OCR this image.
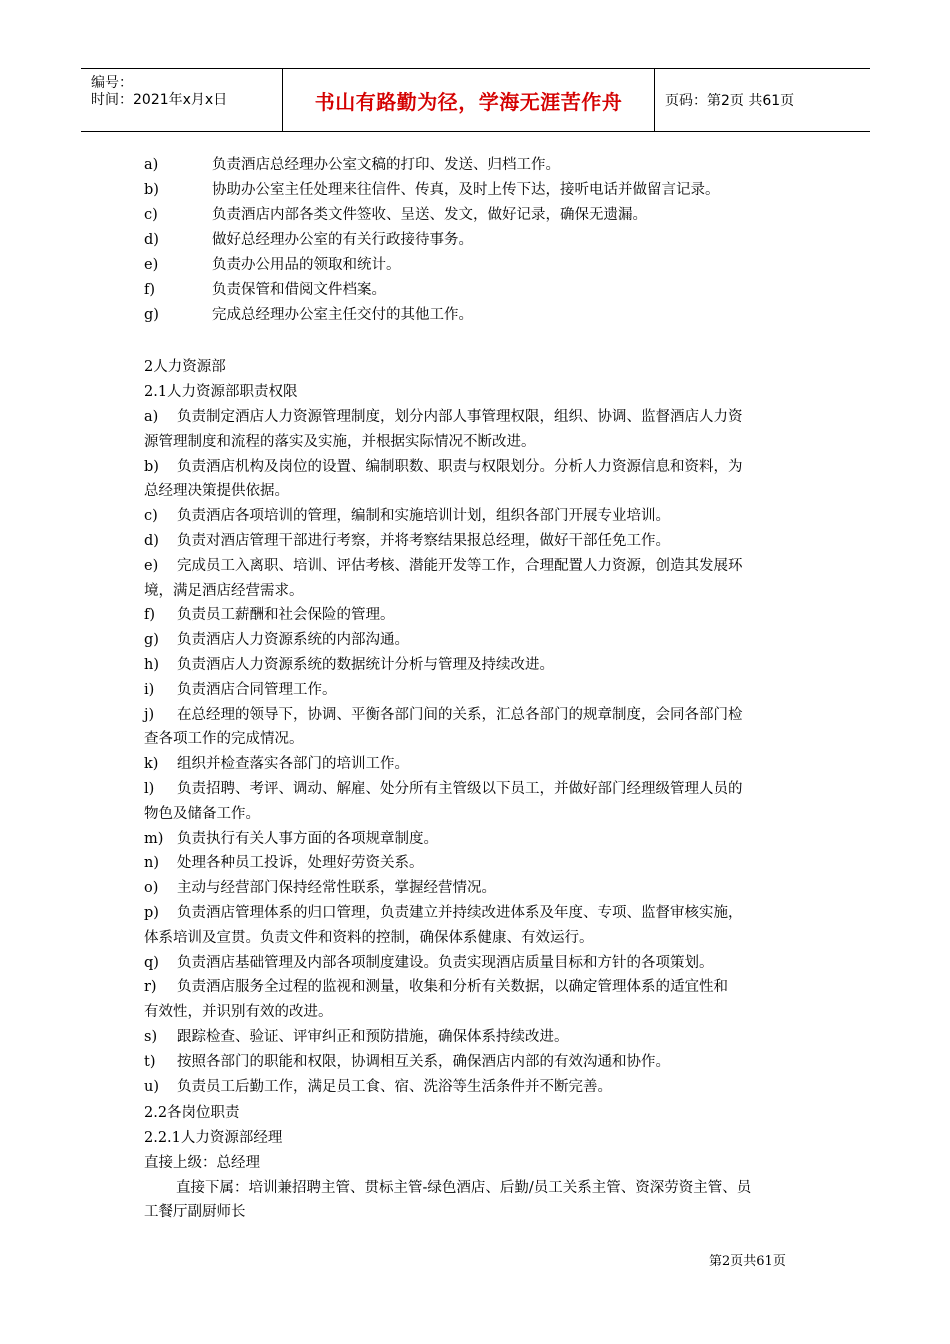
编号：
时间：2021年x月x日	书山有路勤为径，学海无涯苦作舟	页码：第2页 共61页
a)	负责酒店总经理办公室文稿的打印、发送、归档工作。
b)	协助办公室主任处理来往信件、传真，及时上传下达，接听电话并做留言记录。
c)	负责酒店内部各类文件签收、呈送、发文，做好记录，确保无遗漏。
d)	做好总经理办公室的有关行政接待事务。
e)	负责办公用品的领取和统计。
f)	负责保管和借阅文件档案。
g)	完成总经理办公室主任交付的其他工作。
2人力资源部
2.1人力资源部职责权限
a) 负责制定酒店人力资源管理制度，划分内部人事管理权限，组织、协调、监督酒店人力资
源管理制度和流程的落实及实施，并根据实际情况不断改进。
b) 负责酒店机构及岗位的设置、编制职数、职责与权限划分。分析人力资源信息和资料，为
总经理决策提供依据。
c) 负责酒店各项培训的管理，编制和实施培训计划，组织各部门开展专业培训。
d) 负责对酒店管理干部进行考察，并将考察结果报总经理，做好干部任免工作。
e) 完成员工入离职、培训、评估考核、潜能开发等工作，合理配置人力资源，创造其发展环
境，满足酒店经营需求。
f) 负责员工薪酬和社会保险的管理。
g) 负责酒店人力资源系统的内部沟通。
h) 负责酒店人力资源系统的数据统计分析与管理及持续改进。
i) 负责酒店合同管理工作。
j) 在总经理的领导下，协调、平衡各部门间的关系，汇总各部门的规章制度，会同各部门检
查各项工作的完成情况。
k) 组织并检查落实各部门的培训工作。
l) 负责招聘、考评、调动、解雇、处分所有主管级以下员工，并做好部门经理级管理人员的
物色及储备工作。
m) 负责执行有关人事方面的各项规章制度。
n) 处理各种员工投诉，处理好劳资关系。
o) 主动与经营部门保持经常性联系，掌握经营情况。
p) 负责酒店管理体系的归口管理，负责建立并持续改进体系及年度、专项、监督审核实施，
体系培训及宣贯。负责文件和资料的控制，确保体系健康、有效运行。
q) 负责酒店基础管理及内部各项制度建设。负责实现酒店质量目标和方针的各项策划。
r) 负责酒店服务全过程的监视和测量，收集和分析有关数据，以确定管理体系的适宜性和
有效性，并识别有效的改进。
s) 跟踪检查、验证、评审纠正和预防措施，确保体系持续改进。
t) 按照各部门的职能和权限，协调相互关系，确保酒店内部的有效沟通和协作。
u) 负责员工后勤工作，满足员工食、宿、洗浴等生活条件并不断完善。
2.2各岗位职责
2.2.1人力资源部经理
直接上级：总经理
直接下属：培训兼招聘主管、贯标主管-绿色酒店、后勤/员工关系主管、资深劳资主管、员
工餐厅副厨师长
第2页共61页
